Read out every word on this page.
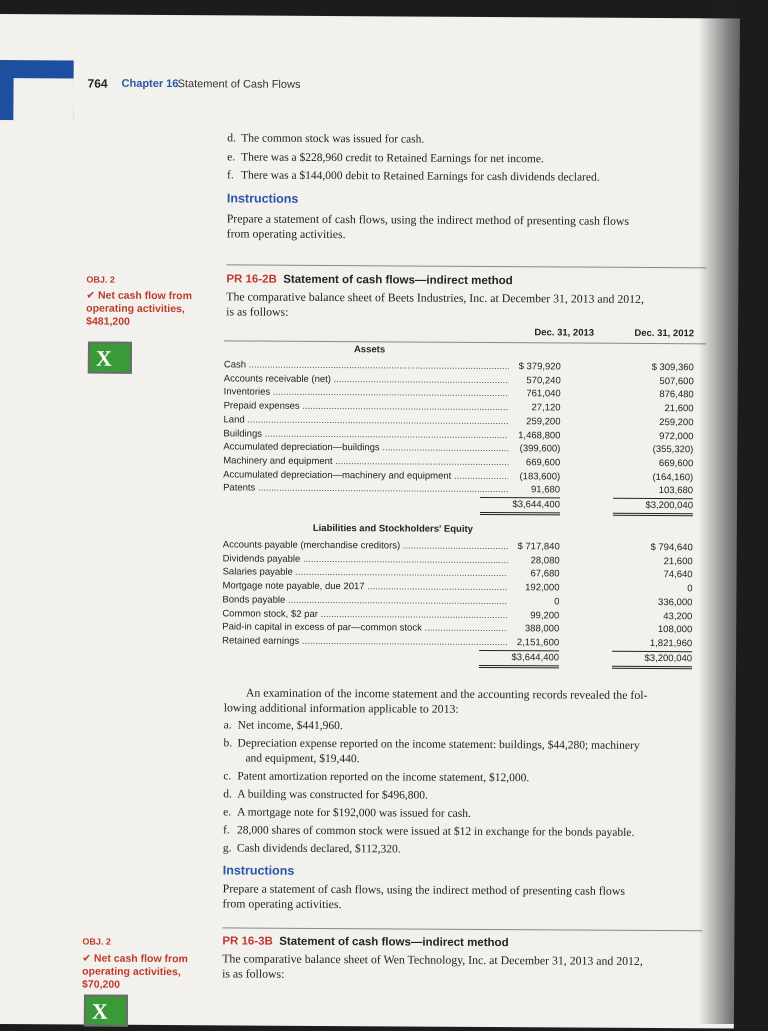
764 Chapter 16 Statement of Cash Flows
d. The common stock was issued for cash.
e. There was a $228,960 credit to Retained Earnings for net income.
f. There was a $144,000 debit to Retained Earnings for cash dividends declared.
Instructions
Prepare a statement of cash flows, using the indirect method of presenting cash flows
from operating activities.
OBJ. 2
✔ Net cash flow from
operating activities,
$481,200
X
PR 16-2B Statement of cash flows—indirect method
The comparative balance sheet of Beets Industries, Inc. at December 31, 2013 and 2012,
is as follows:
Dec. 31, 2013	Dec. 31, 2012
Assets
Cash .....	$ 379,920	$ 309,360
Accounts receivable (net) .....	570,240	507,600
Inventories .....	761,040	876,480
Prepaid expenses .....	27,120	21,600
Land .....	259,200	259,200
Buildings .....	1,468,800	972,000
Accumulated depreciation—buildings .....	(399,600)	(355,320)
Machinery and equipment .....	669,600	669,600
Accumulated depreciation—machinery and equipment .....	(183,600)	(164,160)
Patents .....	91,680	103,680
$3,644,400	$3,200,040
Liabilities and Stockholders' Equity
Accounts payable (merchandise creditors) .....	$ 717,840	$ 794,640
Dividends payable .....	28,080	21,600
Salaries payable .....	67,680	74,640
Mortgage note payable, due 2017 .....	192,000	0
Bonds payable .....	0	336,000
Common stock, $2 par .....	99,200	43,200
Paid-in capital in excess of par—common stock .....	388,000	108,000
Retained earnings .....	2,151,600	1,821,960
$3,644,400	$3,200,040
An examination of the income statement and the accounting records revealed the fol-
lowing additional information applicable to 2013:
a. Net income, $441,960.
b. Depreciation expense reported on the income statement: buildings, $44,280; machinery
and equipment, $19,440.
c. Patent amortization reported on the income statement, $12,000.
d. A building was constructed for $496,800.
e. A mortgage note for $192,000 was issued for cash.
f. 28,000 shares of common stock were issued at $12 in exchange for the bonds payable.
g. Cash dividends declared, $112,320.
Instructions
Prepare a statement of cash flows, using the indirect method of presenting cash flows
from operating activities.
OBJ. 2
✔ Net cash flow from
operating activities,
$70,200
X
PR 16-3B Statement of cash flows—indirect method
The comparative balance sheet of Wen Technology, Inc. at December 31, 2013 and 2012,
is as follows:
